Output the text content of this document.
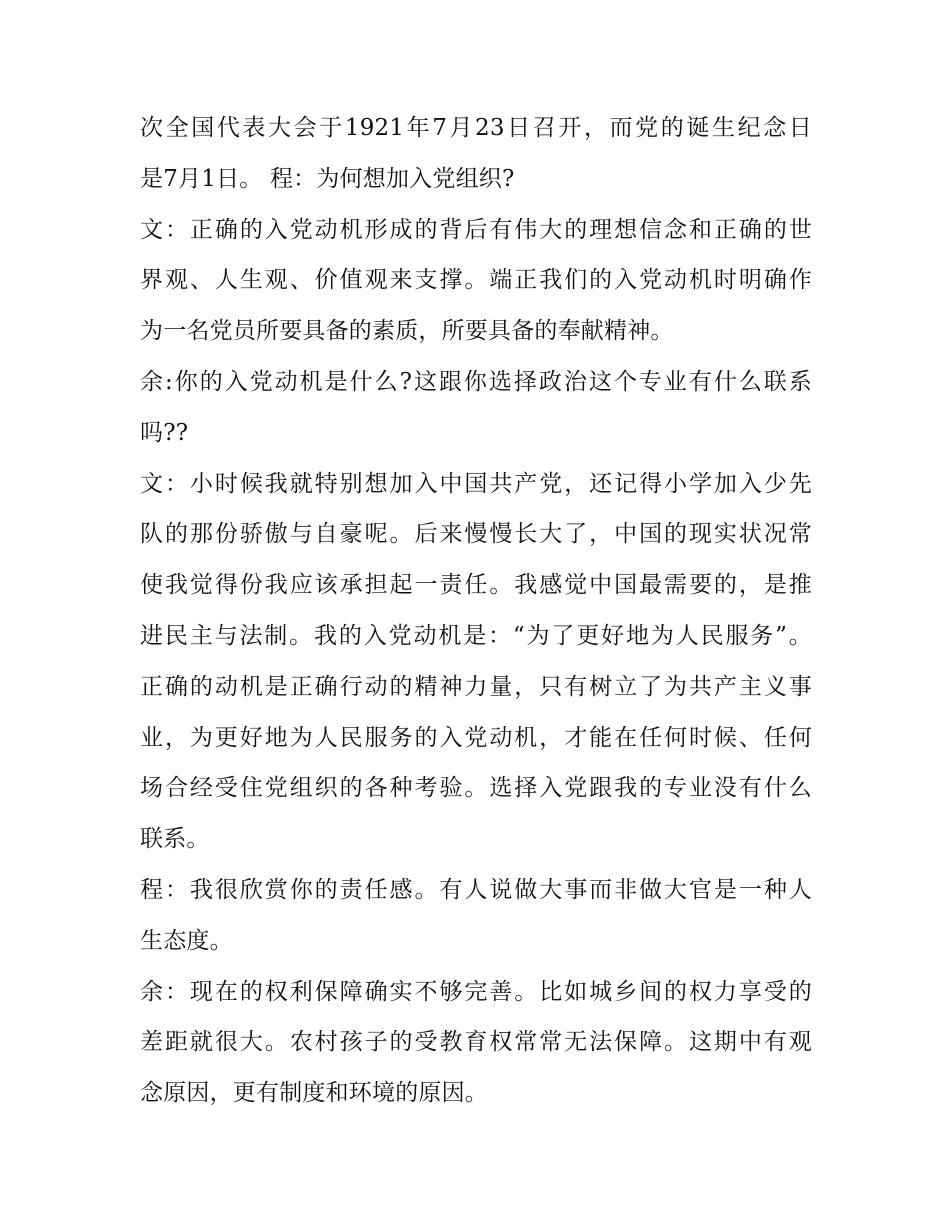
次全国代表大会于1921年7月23日召开，而党的诞生纪念日
是7月1日。 程：为何想加入党组织?
文：正确的入党动机形成的背后有伟大的理想信念和正确的世
界观、人生观、价值观来支撑。端正我们的入党动机时明确作
为一名党员所要具备的素质，所要具备的奉献精神。
余:你的入党动机是什么?这跟你选择政治这个专业有什么联系
吗??
文：小时候我就特别想加入中国共产党，还记得小学加入少先
队的那份骄傲与自豪呢。后来慢慢长大了，中国的现实状况常
使我觉得份我应该承担起一责任。我感觉中国最需要的，是推
进民主与法制。我的入党动机是：“为了更好地为人民服务”。
正确的动机是正确行动的精神力量，只有树立了为共产主义事
业，为更好地为人民服务的入党动机，才能在任何时候、任何
场合经受住党组织的各种考验。选择入党跟我的专业没有什么
联系。
程：我很欣赏你的责任感。有人说做大事而非做大官是一种人
生态度。
余：现在的权利保障确实不够完善。比如城乡间的权力享受的
差距就很大。农村孩子的受教育权常常无法保障。这期中有观
念原因，更有制度和环境的原因。
